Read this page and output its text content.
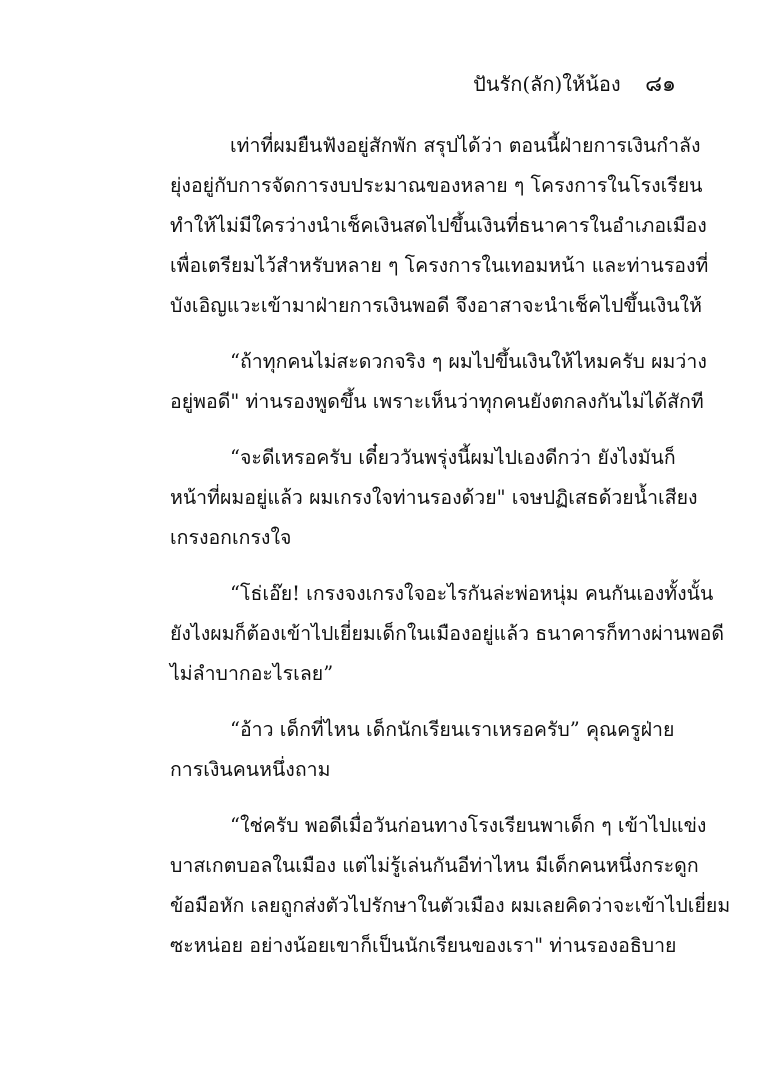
ปันรัก(ลัก)ให้น้อง ๘๑
เท่าที่ผมยืนฟังอยู่สักพัก สรุปได้ว่า ตอนนี้ฝ่ายการเงินกำลัง
ยุ่งอยู่กับการจัดการงบประมาณของหลาย ๆ โครงการในโรงเรียน
ทำให้ไม่มีใครว่างนำเช็คเงินสดไปขึ้นเงินที่ธนาคารในอำเภอเมือง
เพื่อเตรียมไว้สำหรับหลาย ๆ โครงการในเทอมหน้า และท่านรองที่
บังเอิญแวะเข้ามาฝ่ายการเงินพอดี จึงอาสาจะนำเช็คไปขึ้นเงินให้
“ถ้าทุกคนไม่สะดวกจริง ๆ ผมไปขึ้นเงินให้ไหมครับ ผมว่าง
อยู่พอดี" ท่านรองพูดขึ้น เพราะเห็นว่าทุกคนยังตกลงกันไม่ได้สักที
“จะดีเหรอครับ เดี๋ยววันพรุ่งนี้ผมไปเองดีกว่า ยังไงมันก็
หน้าที่ผมอยู่แล้ว ผมเกรงใจท่านรองด้วย" เจษปฏิเสธด้วยน้ำเสียง
เกรงอกเกรงใจ
“โธ่เอ๊ย! เกรงจงเกรงใจอะไรกันล่ะพ่อหนุ่ม คนกันเองทั้งนั้น
ยังไงผมก็ต้องเข้าไปเยี่ยมเด็กในเมืองอยู่แล้ว ธนาคารก็ทางผ่านพอดี
ไม่ลำบากอะไรเลย”
“อ้าว เด็กที่ไหน เด็กนักเรียนเราเหรอครับ” คุณครูฝ่าย
การเงินคนหนึ่งถาม
“ใช่ครับ พอดีเมื่อวันก่อนทางโรงเรียนพาเด็ก ๆ เข้าไปแข่ง
บาสเกตบอลในเมือง แต่ไม่รู้เล่นกันอีท่าไหน มีเด็กคนหนึ่งกระดูก
ข้อมือหัก เลยถูกส่งตัวไปรักษาในตัวเมือง ผมเลยคิดว่าจะเข้าไปเยี่ยม
ซะหน่อย อย่างน้อยเขาก็เป็นนักเรียนของเรา" ท่านรองอธิบาย
